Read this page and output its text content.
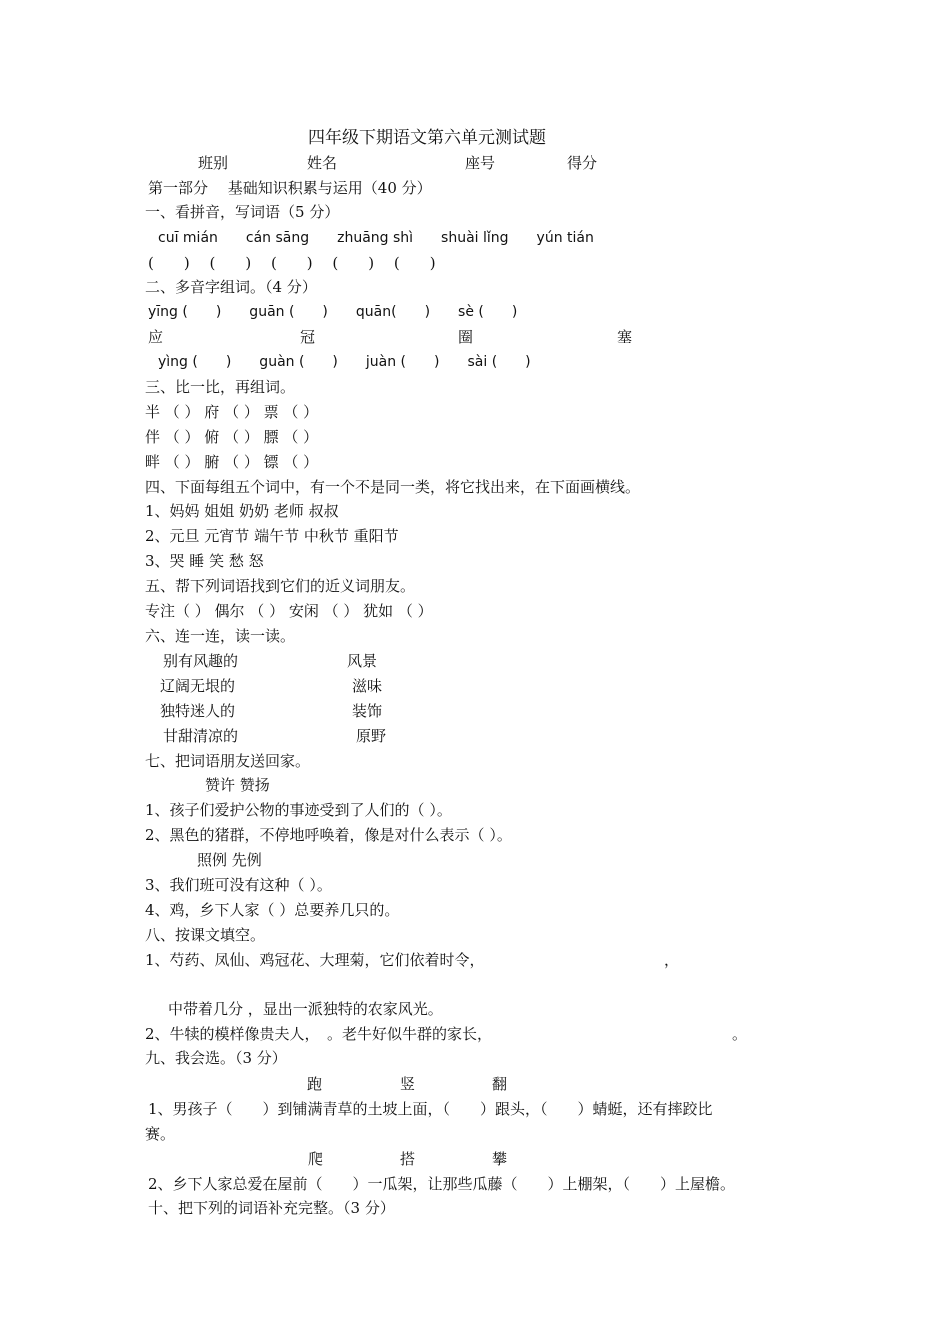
四年级下期语文第六单元测试题
班别	姓名	座号	得分
第一部分　 基础知识积累与运用（40 分）
一、看拼音，写词语（5 分）
cuī mián　　cán sāng　　zhuāng shì　　shuài lǐng　　yún tián
(　　) 　(　　) 　(　　) 　(　　) 　(　　)
二、多音字组词。（4 分）
yīng (　　)　　guān (　　)　　quān(　　)　　sè (　　)
应	冠	圈	塞
yìng (　　)　　guàn (　　)　　juàn (　　)　　sài (　　)
三、比一比，再组词。
半 （ ） 府 （ ） 票 （ ）
伴 （ ） 俯 （ ） 膘 （ ）
畔 （ ） 腑 （ ） 镖 （ ）
四、下面每组五个词中，有一个不是同一类，将它找出来，在下面画横线。
1、妈妈 姐姐 奶奶 老师 叔叔
2、元旦 元宵节 端午节 中秋节 重阳节
3、哭 睡 笑 愁 怒
五、帮下列词语找到它们的近义词朋友。
专注（ ） 偶尔 （ ） 安闲 （ ） 犹如 （ ）
六、连一连，读一读。
别有风趣的	风景
辽阔无垠的	滋味
独特迷人的	装饰
甘甜清凉的	原野
七、把词语朋友送回家。
赞许 赞扬
1、孩子们爱护公物的事迹受到了人们的（ ）。
2、黑色的猪群，不停地呼唤着，像是对什么表示（ ）。
照例 先例
3、我们班可没有这种（ ）。
4、鸡，乡下人家（ ）总要养几只的。
八、按课文填空。
1、芍药、凤仙、鸡冠花、大理菊，它们依着时令，	，
中带着几分 ，显出一派独特的农家风光。
2、牛犊的模样像贵夫人，　。老牛好似牛群的家长，	。
九、我会选。（3 分）
跑	竖	翻
1、男孩子（　　）到铺满青草的土坡上面，（　　）跟头，（　　）蜻蜓，还有摔跤比
赛。
爬	搭	攀
2、乡下人家总爱在屋前（　　）一瓜架，让那些瓜藤（　　）上棚架，（　　）上屋檐。
十、把下列的词语补充完整。（3 分）
